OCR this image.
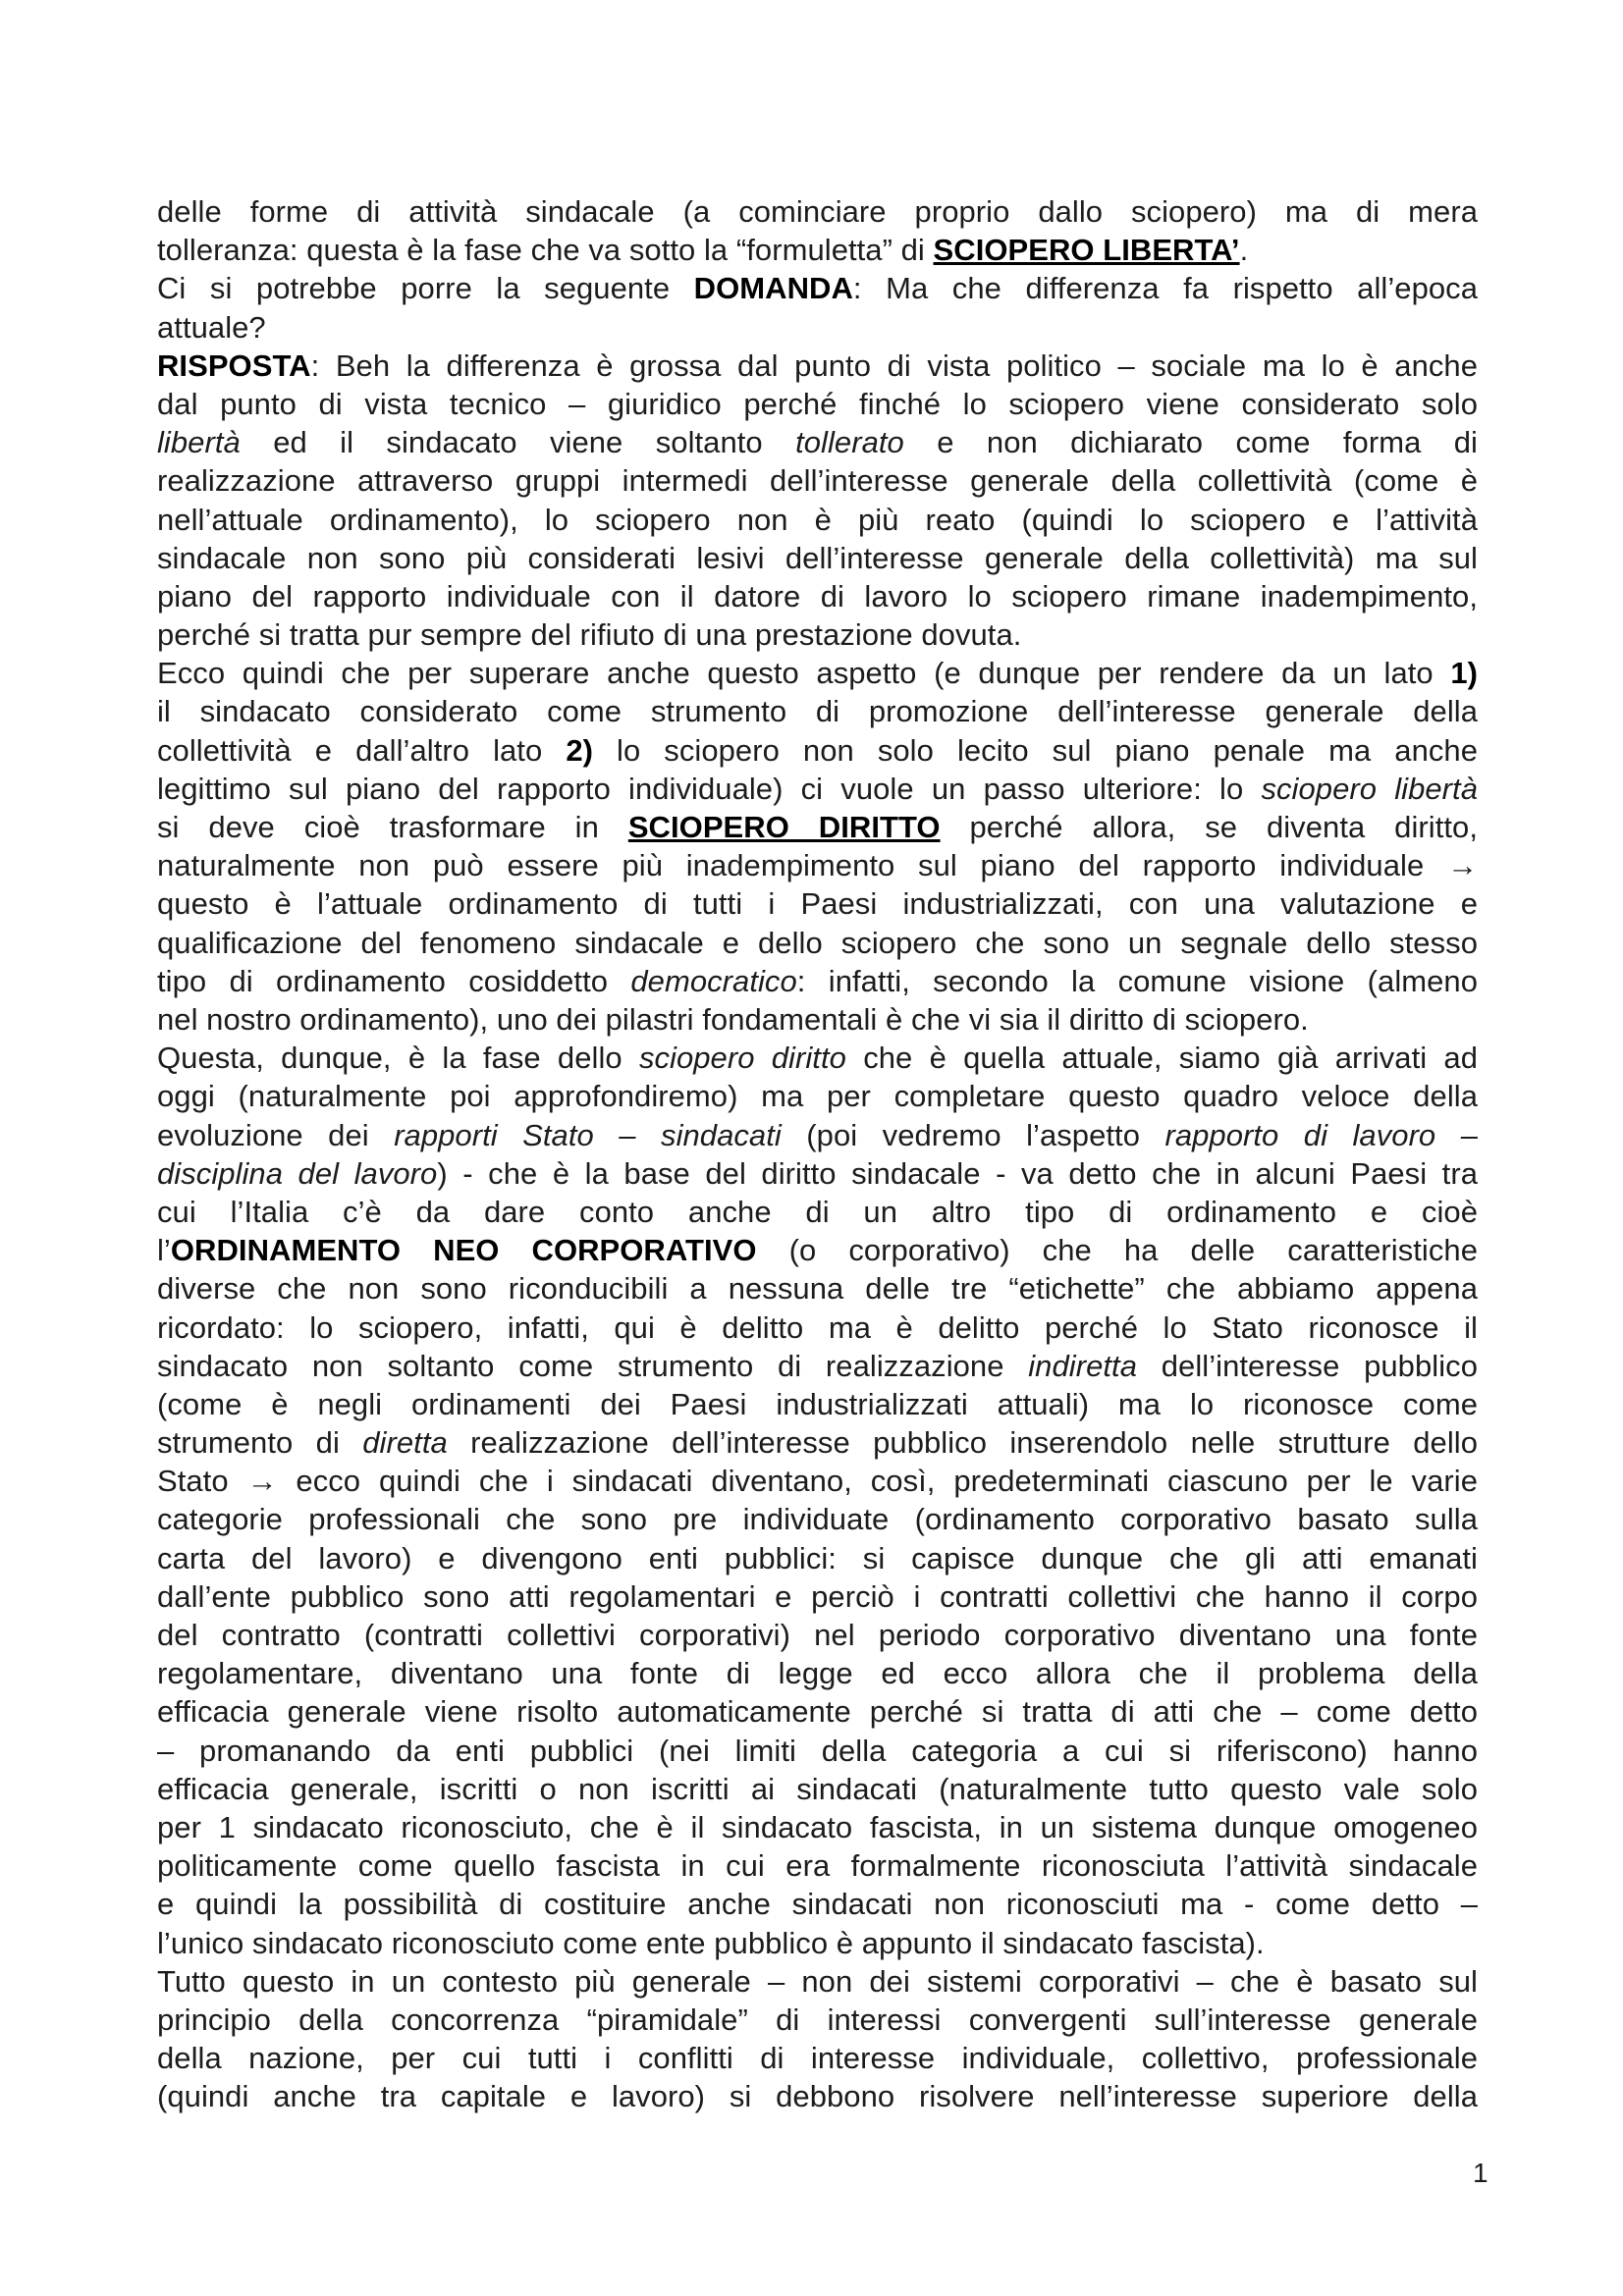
delle forme di attività sindacale (a cominciare proprio dallo sciopero) ma di mera
tolleranza: questa è la fase che va sotto la “formuletta” di SCIOPERO LIBERTA’.
Ci si potrebbe porre la seguente DOMANDA: Ma che differenza fa rispetto all’epoca
attuale?
RISPOSTA: Beh la differenza è grossa dal punto di vista politico – sociale ma lo è anche
dal punto di vista tecnico – giuridico perché finché lo sciopero viene considerato solo
libertà ed il sindacato viene soltanto tollerato e non dichiarato come forma di
realizzazione attraverso gruppi intermedi dell’interesse generale della collettività (come è
nell’attuale ordinamento), lo sciopero non è più reato (quindi lo sciopero e l’attività
sindacale non sono più considerati lesivi dell’interesse generale della collettività) ma sul
piano del rapporto individuale con il datore di lavoro lo sciopero rimane inadempimento,
perché si tratta pur sempre del rifiuto di una prestazione dovuta.
Ecco quindi che per superare anche questo aspetto (e dunque per rendere da un lato 1)
il sindacato considerato come strumento di promozione dell’interesse generale della
collettività e dall’altro lato 2) lo sciopero non solo lecito sul piano penale ma anche
legittimo sul piano del rapporto individuale) ci vuole un passo ulteriore: lo sciopero libertà
si deve cioè trasformare in SCIOPERO DIRITTO perché allora, se diventa diritto,
naturalmente non può essere più inadempimento sul piano del rapporto individuale →
questo è l’attuale ordinamento di tutti i Paesi industrializzati, con una valutazione e
qualificazione del fenomeno sindacale e dello sciopero che sono un segnale dello stesso
tipo di ordinamento cosiddetto democratico: infatti, secondo la comune visione (almeno
nel nostro ordinamento), uno dei pilastri fondamentali è che vi sia il diritto di sciopero.
Questa, dunque, è la fase dello sciopero diritto che è quella attuale, siamo già arrivati ad
oggi (naturalmente poi approfondiremo) ma per completare questo quadro veloce della
evoluzione dei rapporti Stato – sindacati (poi vedremo l’aspetto rapporto di lavoro –
disciplina del lavoro) - che è la base del diritto sindacale - va detto che in alcuni Paesi tra
cui l’Italia c’è da dare conto anche di un altro tipo di ordinamento e cioè
l’ORDINAMENTO NEO CORPORATIVO (o corporativo) che ha delle caratteristiche
diverse che non sono riconducibili a nessuna delle tre “etichette” che abbiamo appena
ricordato: lo sciopero, infatti, qui è delitto ma è delitto perché lo Stato riconosce il
sindacato non soltanto come strumento di realizzazione indiretta dell’interesse pubblico
(come è negli ordinamenti dei Paesi industrializzati attuali) ma lo riconosce come
strumento di diretta realizzazione dell’interesse pubblico inserendolo nelle strutture dello
Stato → ecco quindi che i sindacati diventano, così, predeterminati ciascuno per le varie
categorie professionali che sono pre individuate (ordinamento corporativo basato sulla
carta del lavoro) e divengono enti pubblici: si capisce dunque che gli atti emanati
dall’ente pubblico sono atti regolamentari e perciò i contratti collettivi che hanno il corpo
del contratto (contratti collettivi corporativi) nel periodo corporativo diventano una fonte
regolamentare, diventano una fonte di legge ed ecco allora che il problema della
efficacia generale viene risolto automaticamente perché si tratta di atti che – come detto
– promanando da enti pubblici (nei limiti della categoria a cui si riferiscono) hanno
efficacia generale, iscritti o non iscritti ai sindacati (naturalmente tutto questo vale solo
per 1 sindacato riconosciuto, che è il sindacato fascista, in un sistema dunque omogeneo
politicamente come quello fascista in cui era formalmente riconosciuta l’attività sindacale
e quindi la possibilità di costituire anche sindacati non riconosciuti ma - come detto –
l’unico sindacato riconosciuto come ente pubblico è appunto il sindacato fascista).
Tutto questo in un contesto più generale – non dei sistemi corporativi – che è basato sul
principio della concorrenza “piramidale” di interessi convergenti sull’interesse generale
della nazione, per cui tutti i conflitti di interesse individuale, collettivo, professionale
(quindi anche tra capitale e lavoro) si debbono risolvere nell’interesse superiore della
1
